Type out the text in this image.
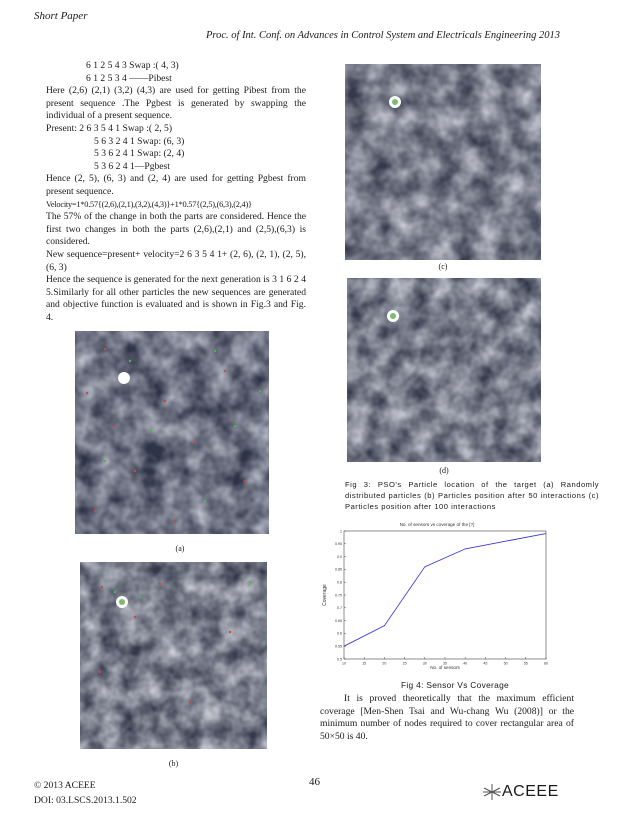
Short Paper
Proc. of Int. Conf. on Advances in Control System and Electricals Engineering 2013

6 1 2 5 4 3 Swap :( 4, 3)

6 1 2 5 3 4 ——Pibest

Here (2,6) (2,1) (3,2) (4,3) are used for getting Pibest from the present sequence .The Pgbest is generated by swapping the individual of a present sequence.

Present: 2 6 3 5 4 1 Swap :( 2, 5)

5 6 3 2 4 1 Swap: (6, 3)

5 3 6 2 4 1 Swap: (2, 4)

5 3 6 2 4 1—Pgbest

Hence (2, 5), (6, 3) and (2, 4) are used for getting Pgbest from present sequence.

Velocity=1*0.57{(2,6),(2,1),(3,2),(4,3)}+1*0.57{(2,5),(6,3),(2,4)}

The 57% of the change in both the parts are considered. Hence the first two changes in both the parts (2,6),(2,1) and (2,5),(6,3) is considered.

New sequence=present+ velocity=2 6 3 5 4 1+ (2, 6), (2, 1), (2, 5), (6, 3)

Hence the sequence is generated for the next generation is 3 1 6 2 4 5.Similarly for all other particles the new sequences are generated and objective function is evaluated and is shown in Fig.3 and Fig. 4.

(a)
(b)
(c)
(d)
Fig 3: PSO's Particle location of the target (a) Randomly distributed particles (b) Particles position after 50 interactions (c) Particles position after 100 interactions
No. of sensors vs coverage of the [?]
Coverage
No. of sensors
10	15	20	25	30	35	40	45	50	55	60
0.5
0.55
0.6
0.65
0.7
0.75
0.8
0.85
0.9
0.95
1
Fig 4: Sensor Vs Coverage
It is proved theoretically that the maximum efficient coverage [Men-Shen Tsai and Wu-chang Wu (2008)] or the minimum number of nodes required to cover rectangular area of 50×50 is 40.
© 2013 ACEEE
DOI: 03.LSCS.2013.1.502
46
ACEEE
